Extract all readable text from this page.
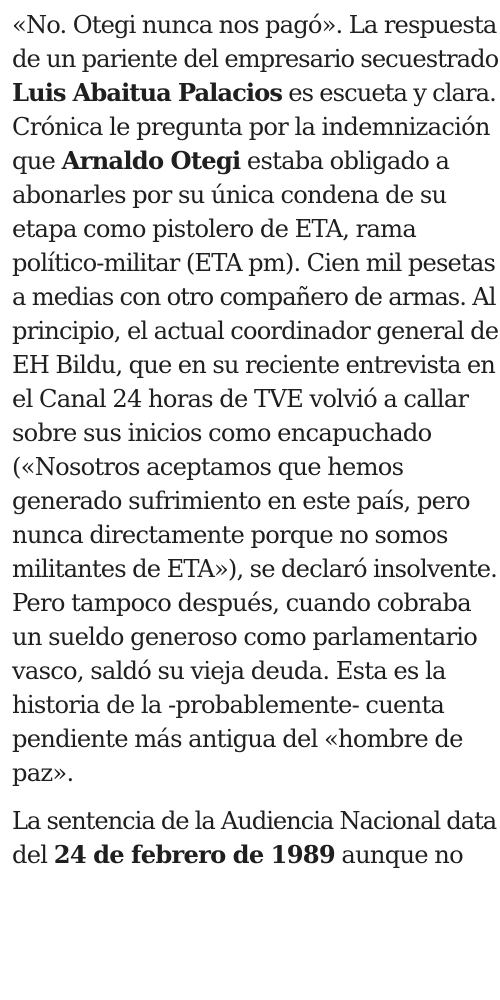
«No. Otegi nunca nos pagó». La respuesta
de un pariente del empresario secuestrado
Luis Abaitua Palacios es escueta y clara.
Crónica le pregunta por la indemnización
que Arnaldo Otegi estaba obligado a
abonarles por su única condena de su
etapa como pistolero de ETA, rama
político-militar (ETA pm). Cien mil pesetas
a medias con otro compañero de armas. Al
principio, el actual coordinador general de
EH Bildu, que en su reciente entrevista en
el Canal 24 horas de TVE volvió a callar
sobre sus inicios como encapuchado
(«Nosotros aceptamos que hemos
generado sufrimiento en este país, pero
nunca directamente porque no somos
militantes de ETA»), se declaró insolvente.
Pero tampoco después, cuando cobraba
un sueldo generoso como parlamentario
vasco, saldó su vieja deuda. Esta es la
historia de la -probablemente- cuenta
pendiente más antigua del «hombre de
paz».

La sentencia de la Audiencia Nacional data
del 24 de febrero de 1989 aunque no
